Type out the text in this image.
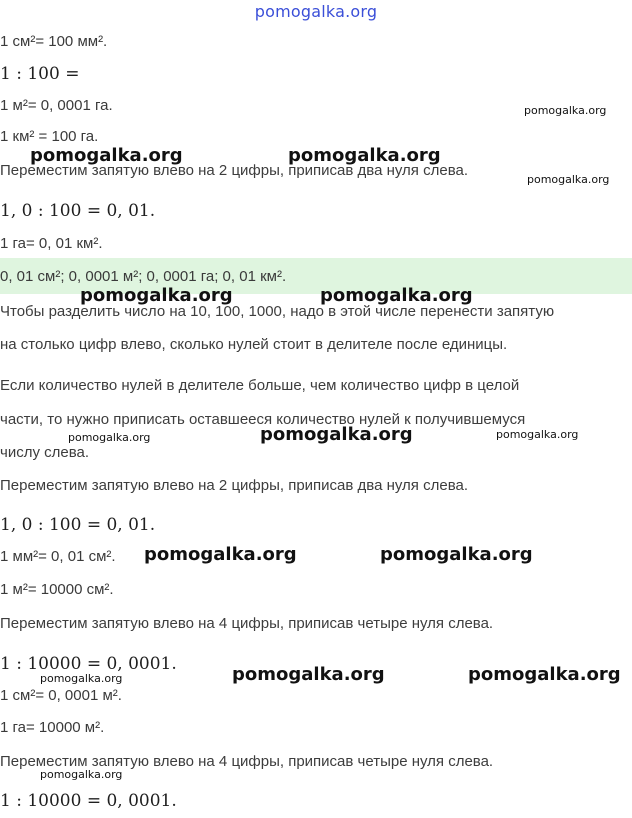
pomogalka.org
1 см²= 100 мм².
1 : 100 =
1 м²= 0, 0001 га.
1 км² = 100 га.
Переместим запятую влево на 2 цифры, приписав два нуля слева.
1, 0 : 100 = 0, 01.
1 га= 0, 01 км².
0, 01 см²; 0, 0001 м²; 0, 0001 га; 0, 01 км².
Чтобы разделить число на 10, 100, 1000, надо в этой числе перенести запятую
на столько цифр влево, сколько нулей стоит в делителе после единицы.
Если количество нулей в делителе больше, чем количество цифр в целой
части, то нужно приписать оставшееся количество нулей к получившемуся
числу слева.
Переместим запятую влево на 2 цифры, приписав два нуля слева.
1, 0 : 100 = 0, 01.
1 мм²= 0, 01 см².
1 м²= 10000 см².
Переместим запятую влево на 4 цифры, приписав четыре нуля слева.
1 : 10000 = 0, 0001.
1 см²= 0, 0001 м².
1 га= 10000 м².
Переместим запятую влево на 4 цифры, приписав четыре нуля слева.
1 : 10000 = 0, 0001.
pomogalka.org
pomogalka.org	pomogalka.org
pomogalka.org
pomogalka.org	pomogalka.org
pomogalka.org	pomogalka.org	pomogalka.org
pomogalka.org	pomogalka.org
pomogalka.org	pomogalka.org
pomogalka.org
pomogalka.org
